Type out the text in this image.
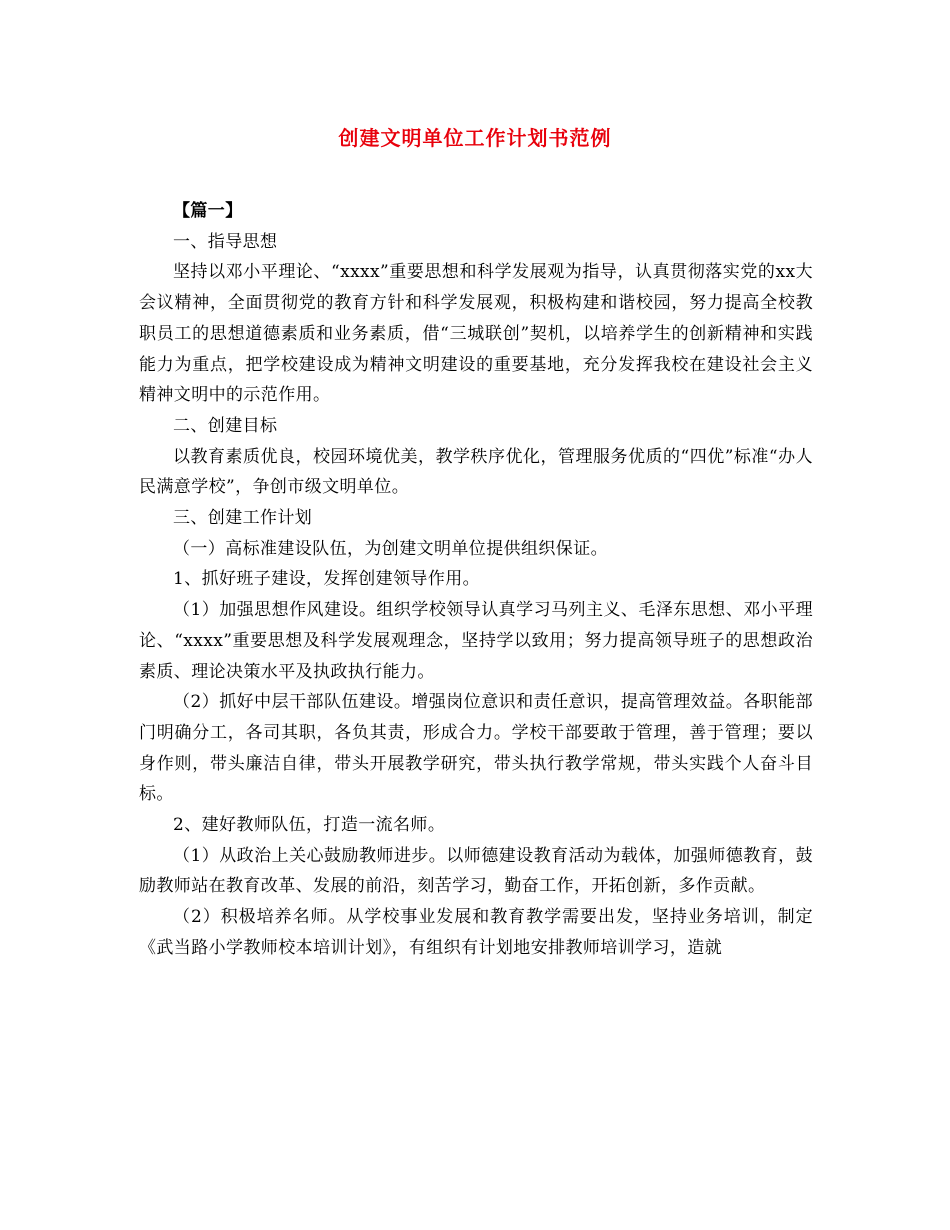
创建文明单位工作计划书范例

【篇一】

一、指导思想

坚持以邓小平理论、“xxxx”重要思想和科学发展观为指导，认真贯彻落实党的xx大会议精神，全面贯彻党的教育方针和科学发展观，积极构建和谐校园，努力提高全校教职员工的思想道德素质和业务素质，借“三城联创”契机，以培养学生的创新精神和实践能力为重点，把学校建设成为精神文明建设的重要基地，充分发挥我校在建设社会主义精神文明中的示范作用。

二、创建目标

以教育素质优良，校园环境优美，教学秩序优化，管理服务优质的“四优”标准“办人民满意学校”，争创市级文明单位。

三、创建工作计划

（一）高标准建设队伍，为创建文明单位提供组织保证。

1、抓好班子建设，发挥创建领导作用。

（1）加强思想作风建设。组织学校领导认真学习马列主义、毛泽东思想、邓小平理论、“xxxx”重要思想及科学发展观理念，坚持学以致用；努力提高领导班子的思想政治素质、理论决策水平及执政执行能力。

（2）抓好中层干部队伍建设。增强岗位意识和责任意识，提高管理效益。各职能部门明确分工，各司其职，各负其责，形成合力。学校干部要敢于管理，善于管理；要以身作则，带头廉洁自律，带头开展教学研究，带头执行教学常规，带头实践个人奋斗目标。

2、建好教师队伍，打造一流名师。

（1）从政治上关心鼓励教师进步。以师德建设教育活动为载体，加强师德教育，鼓励教师站在教育改革、发展的前沿，刻苦学习，勤奋工作，开拓创新，多作贡献。

（2）积极培养名师。从学校事业发展和教育教学需要出发，坚持业务培训，制定《武当路小学教师校本培训计划》，有组织有计划地安排教师培训学习，造就
